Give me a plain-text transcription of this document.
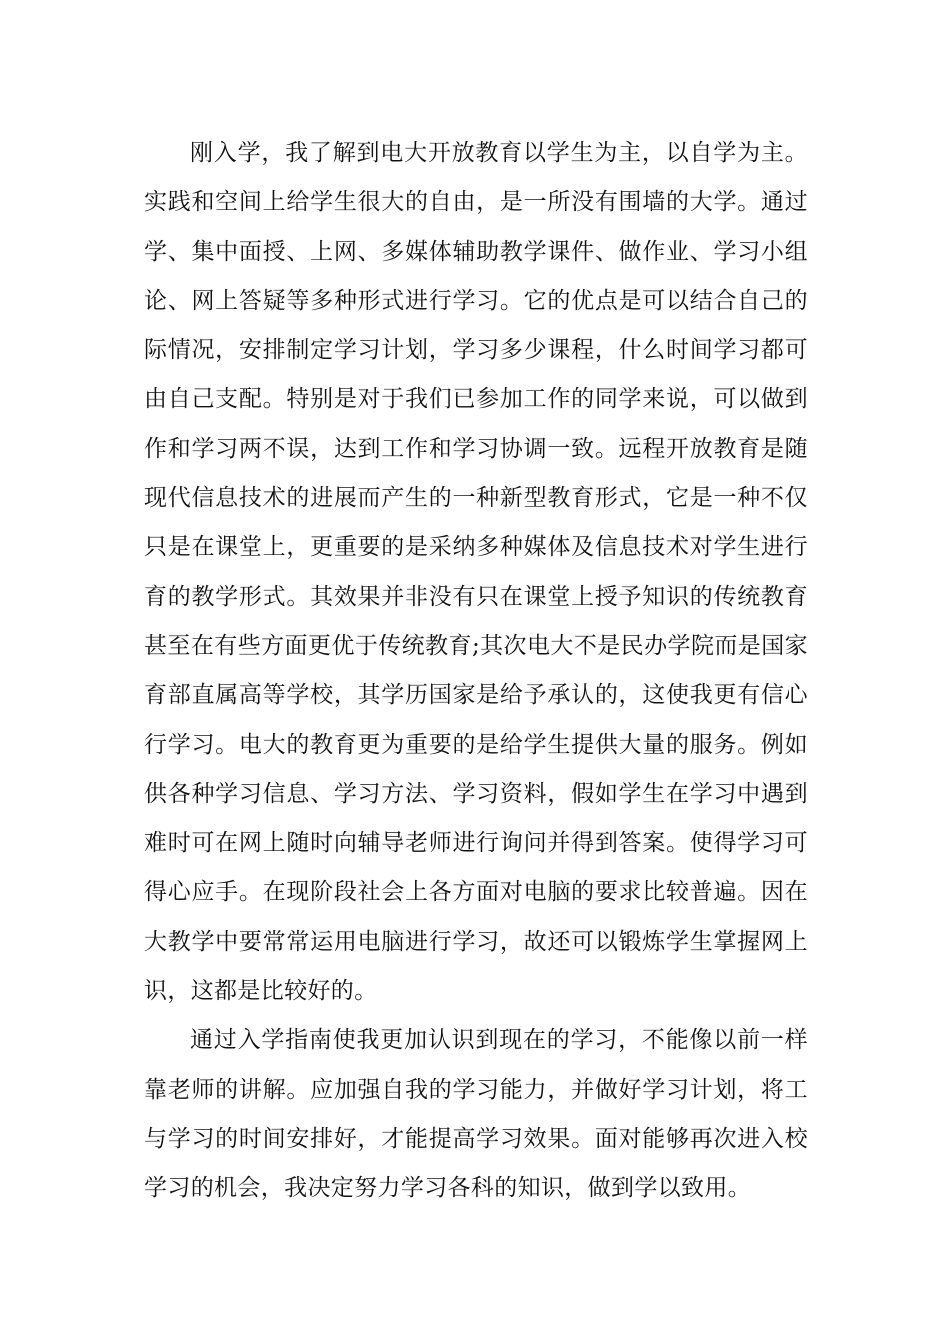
刚入学，我了解到电大开放教育以学生为主，以自学为主。
实践和空间上给学生很大的自由，是一所没有围墙的大学。通过
学、集中面授、上网、多媒体辅助教学课件、做作业、学习小组
论、网上答疑等多种形式进行学习。它的优点是可以结合自己的
际情况，安排制定学习计划，学习多少课程，什么时间学习都可
由自己支配。特别是对于我们已参加工作的同学来说，可以做到
作和学习两不误，达到工作和学习协调一致。远程开放教育是随
现代信息技术的进展而产生的一种新型教育形式，它是一种不仅
只是在课堂上，更重要的是采纳多种媒体及信息技术对学生进行
育的教学形式。其效果并非没有只在课堂上授予知识的传统教育
甚至在有些方面更优于传统教育;其次电大不是民办学院而是国家
育部直属高等学校，其学历国家是给予承认的，这使我更有信心
行学习。电大的教育更为重要的是给学生提供大量的服务。例如
供各种学习信息、学习方法、学习资料，假如学生在学习中遇到
难时可在网上随时向辅导老师进行询问并得到答案。使得学习可
得心应手。在现阶段社会上各方面对电脑的要求比较普遍。因在
大教学中要常常运用电脑进行学习，故还可以锻炼学生掌握网上
识，这都是比较好的。
通过入学指南使我更加认识到现在的学习，不能像以前一样
靠老师的讲解。应加强自我的学习能力，并做好学习计划，将工
与学习的时间安排好，才能提高学习效果。面对能够再次进入校
学习的机会，我决定努力学习各科的知识，做到学以致用。
